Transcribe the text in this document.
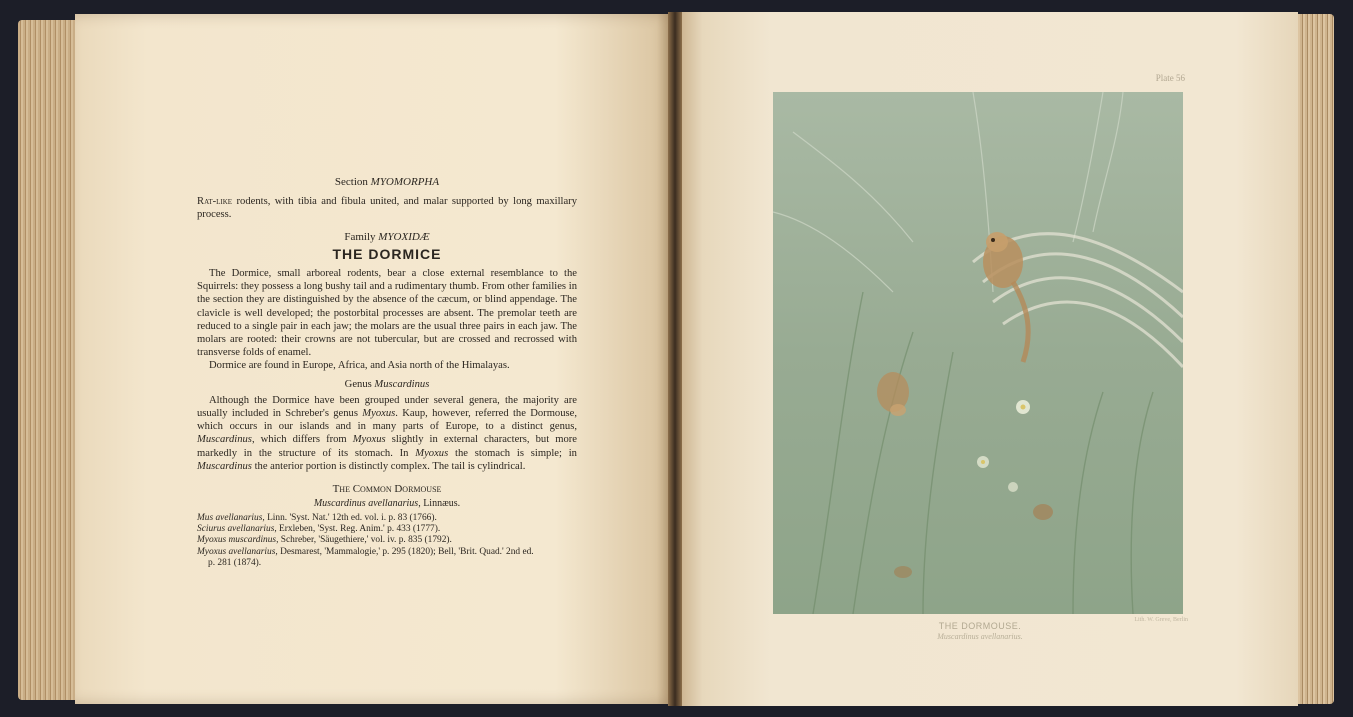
Section MYOMORPHA

Rat-like rodents, with tibia and fibula united, and malar supported by long maxillary process.

Family MYOXIDÆ
THE DORMICE

The Dormice, small arboreal rodents, bear a close external resemblance to the Squirrels: they possess a long bushy tail and a rudimentary thumb. From other families in the section they are distinguished by the absence of the cæcum, or blind appendage. The clavicle is well developed; the postorbital processes are absent. The premolar teeth are reduced to a single pair in each jaw; the molars are the usual three pairs in each jaw. The molars are rooted: their crowns are not tubercular, but are crossed and recrossed with transverse folds of enamel.

Dormice are found in Europe, Africa, and Asia north of the Himalayas.

Genus Muscardinus

Although the Dormice have been grouped under several genera, the majority are usually included in Schreber's genus Myoxus. Kaup, however, referred the Dormouse, which occurs in our islands and in many parts of Europe, to a distinct genus, Muscardinus, which differs from Myoxus slightly in external characters, but more markedly in the structure of its stomach. In Myoxus the stomach is simple; in Muscardinus the anterior portion is distinctly complex. The tail is cylindrical.

The Common Dormouse
Muscardinus avellanarius, Linnæus.
Mus avellanarius, Linn. 'Syst. Nat.' 12th ed. vol. i. p. 83 (1766).
Sciurus avellanarius, Erxleben, 'Syst. Reg. Anim.' p. 433 (1777).
Myoxus muscardinus, Schreber, 'Säugethiere,' vol. iv. p. 835 (1792).
Myoxus avellanarius, Desmarest, 'Mammalogie,' p. 295 (1820); Bell, 'Brit. Quad.' 2nd ed.
p. 281 (1874).
Plate 56
THE DORMOUSE.
Muscardinus avellanarius.
Lith. W. Greve, Berlin
